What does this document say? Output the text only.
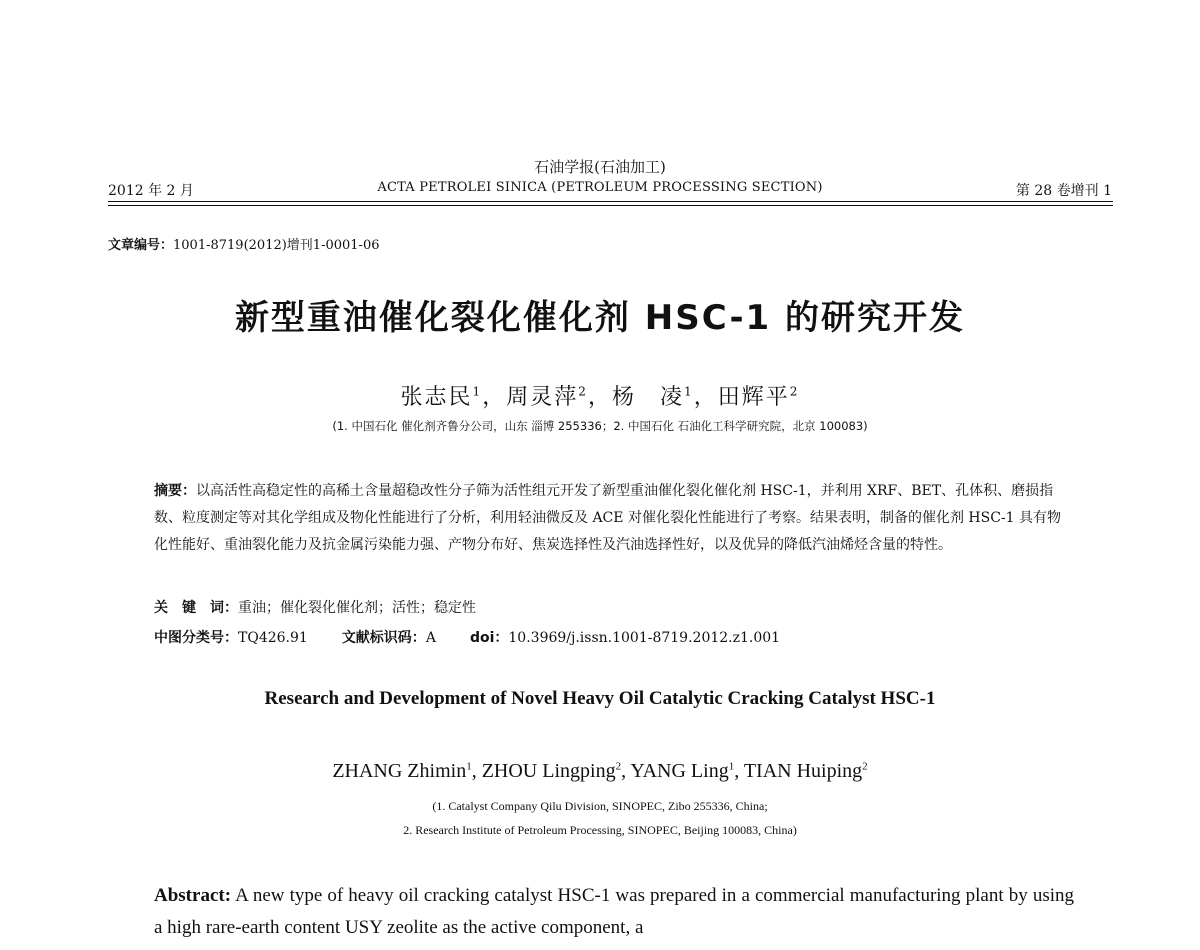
石油学报(石油加工)
2012 年 2 月	ACTA PETROLEI SINICA (PETROLEUM PROCESSING SECTION)	第 28 卷增刊 1
文章编号：1001-8719(2012)增刊1-0001-06
新型重油催化裂化催化剂 HSC-1 的研究开发
张志民$^1$，周灵萍$^2$，杨　凌$^1$，田辉平$^2$
(1. 中国石化 催化剂齐鲁分公司，山东 淄博 255336；2. 中国石化 石油化工科学研究院，北京 100083)
摘要：以高活性高稳定性的高稀土含量超稳改性分子筛为活性组元开发了新型重油催化裂化催化剂 HSC-1，并利用 XRF、BET、孔体积、磨损指数、粒度测定等对其化学组成及物化性能进行了分析，利用轻油微反及 ACE 对催化裂化性能进行了考察。结果表明，制备的催化剂 HSC-1 具有物化性能好、重油裂化能力及抗金属污染能力强、产物分布好、焦炭选择性及汽油选择性好，以及优异的降低汽油烯烃含量的特性。
关　键　词：重油；催化裂化催化剂；活性；稳定性
中图分类号：TQ426.91 文献标识码：A doi：10.3969/j.issn.1001-8719.2012.z1.001
Research and Development of Novel Heavy Oil Catalytic Cracking Catalyst HSC-1
ZHANG Zhimin$^1$, ZHOU Lingping$^2$, YANG Ling$^1$, TIAN Huiping$^2$
(1. Catalyst Company Qilu Division, SINOPEC, Zibo 255336, China;
2. Research Institute of Petroleum Processing, SINOPEC, Beijing 100083, China)
Abstract: A new type of heavy oil cracking catalyst HSC-1 was prepared in a commercial manufacturing plant by using a high rare-earth content USY zeolite as the active component, a
